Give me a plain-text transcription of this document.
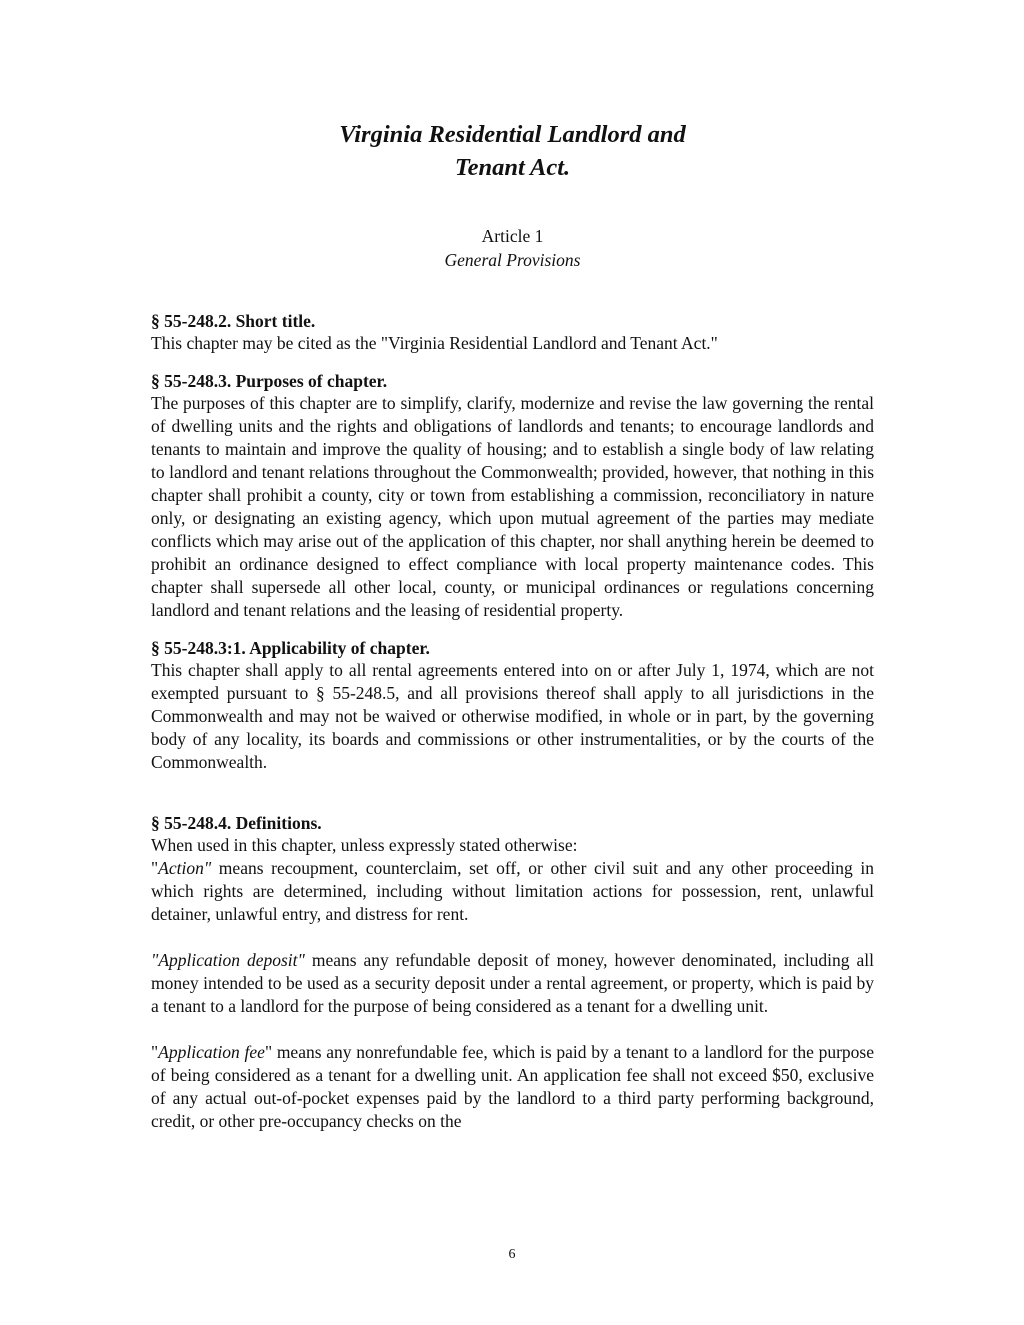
Virginia Residential Landlord and
Tenant Act.
Article 1
General Provisions

§ 55-248.2. Short title.

This chapter may be cited as the "Virginia Residential Landlord and Tenant Act."

§ 55-248.3. Purposes of chapter.

The purposes of this chapter are to simplify, clarify, modernize and revise the law governing the rental of dwelling units and the rights and obligations of landlords and tenants; to encourage landlords and tenants to maintain and improve the quality of housing; and to establish a single body of law relating to landlord and tenant relations throughout the Commonwealth; provided, however, that nothing in this chapter shall prohibit a county, city or town from establishing a commission, reconciliatory in nature only, or designating an existing agency, which upon mutual agreement of the parties may mediate conflicts which may arise out of the application of this chapter, nor shall anything herein be deemed to prohibit an ordinance designed to effect compliance with local property maintenance codes. This chapter shall supersede all other local, county, or municipal ordinances or regulations concerning landlord and tenant relations and the leasing of residential property.

§ 55-248.3:1. Applicability of chapter.

This chapter shall apply to all rental agreements entered into on or after July 1, 1974, which are not exempted pursuant to § 55-248.5, and all provisions thereof shall apply to all jurisdictions in the Commonwealth and may not be waived or otherwise modified, in whole or in part, by the governing body of any locality, its boards and commissions or other instrumentalities, or by the courts of the Commonwealth.

§ 55-248.4. Definitions.

When used in this chapter, unless expressly stated otherwise:

"Action" means recoupment, counterclaim, set off, or other civil suit and any other proceeding in which rights are determined, including without limitation actions for possession, rent, unlawful detainer, unlawful entry, and distress for rent.

"Application deposit" means any refundable deposit of money, however denominated, including all money intended to be used as a security deposit under a rental agreement, or property, which is paid by a tenant to a landlord for the purpose of being considered as a tenant for a dwelling unit.

"Application fee" means any nonrefundable fee, which is paid by a tenant to a landlord for the purpose of being considered as a tenant for a dwelling unit. An application fee shall not exceed $50, exclusive of any actual out-of-pocket expenses paid by the landlord to a third party performing background, credit, or other pre-occupancy checks on the

6
